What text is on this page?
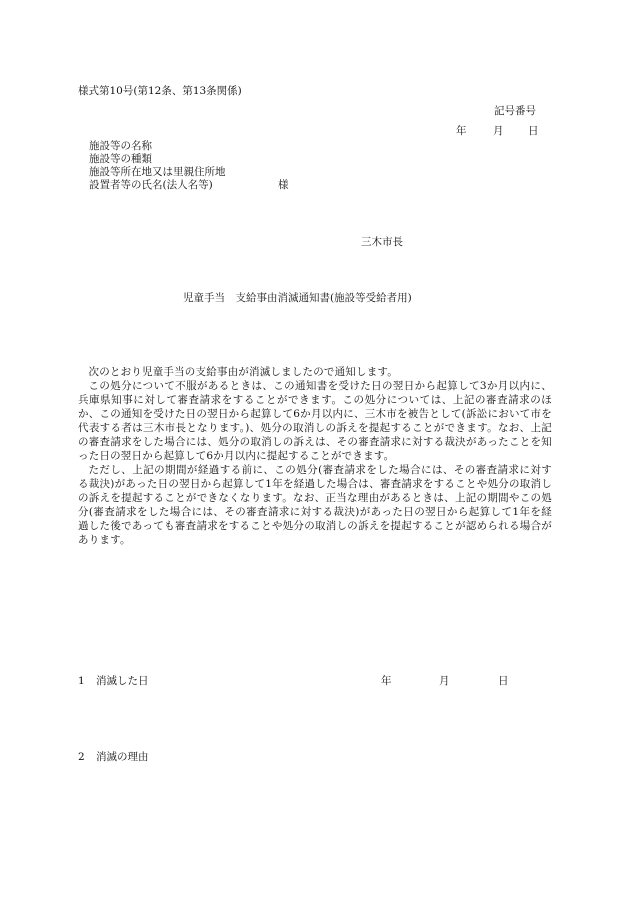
様式第10号(第12条、第13条関係)
記号番号
年	月 日
施設等の名称
施設等の種類
施設等所在地又は里親住所地
設置者等の氏名(法人名等)	様
三木市長
児童手当　支給事由消滅通知書(施設等受給者用)

次のとおり児童手当の支給事由が消滅しましたので通知します。

この処分について不服があるときは、この通知書を受けた日の翌日から起算して3か月以内に、兵庫県知事に対して審査請求をすることができます。この処分については、上記の審査請求のほか、この通知を受けた日の翌日から起算して6か月以内に、三木市を被告として(訴訟において市を代表する者は三木市長となります。)、処分の取消しの訴えを提起することができます。なお、上記の審査請求をした場合には、処分の取消しの訴えは、その審査請求に対する裁決があったことを知った日の翌日から起算して6か月以内に提起することができます。

ただし、上記の期間が経過する前に、この処分(審査請求をした場合には、その審査請求に対する裁決)があった日の翌日から起算して1年を経過した場合は、審査請求をすることや処分の取消しの訴えを提起することができなくなります。なお、正当な理由があるときは、上記の期間やこの処分(審査請求をした場合には、その審査請求に対する裁決)があった日の翌日から起算して1年を経過した後であっても審査請求をすることや処分の取消しの訴えを提起することが認められる場合があります。

1 消滅した日	年	月	日
2 消滅の理由
